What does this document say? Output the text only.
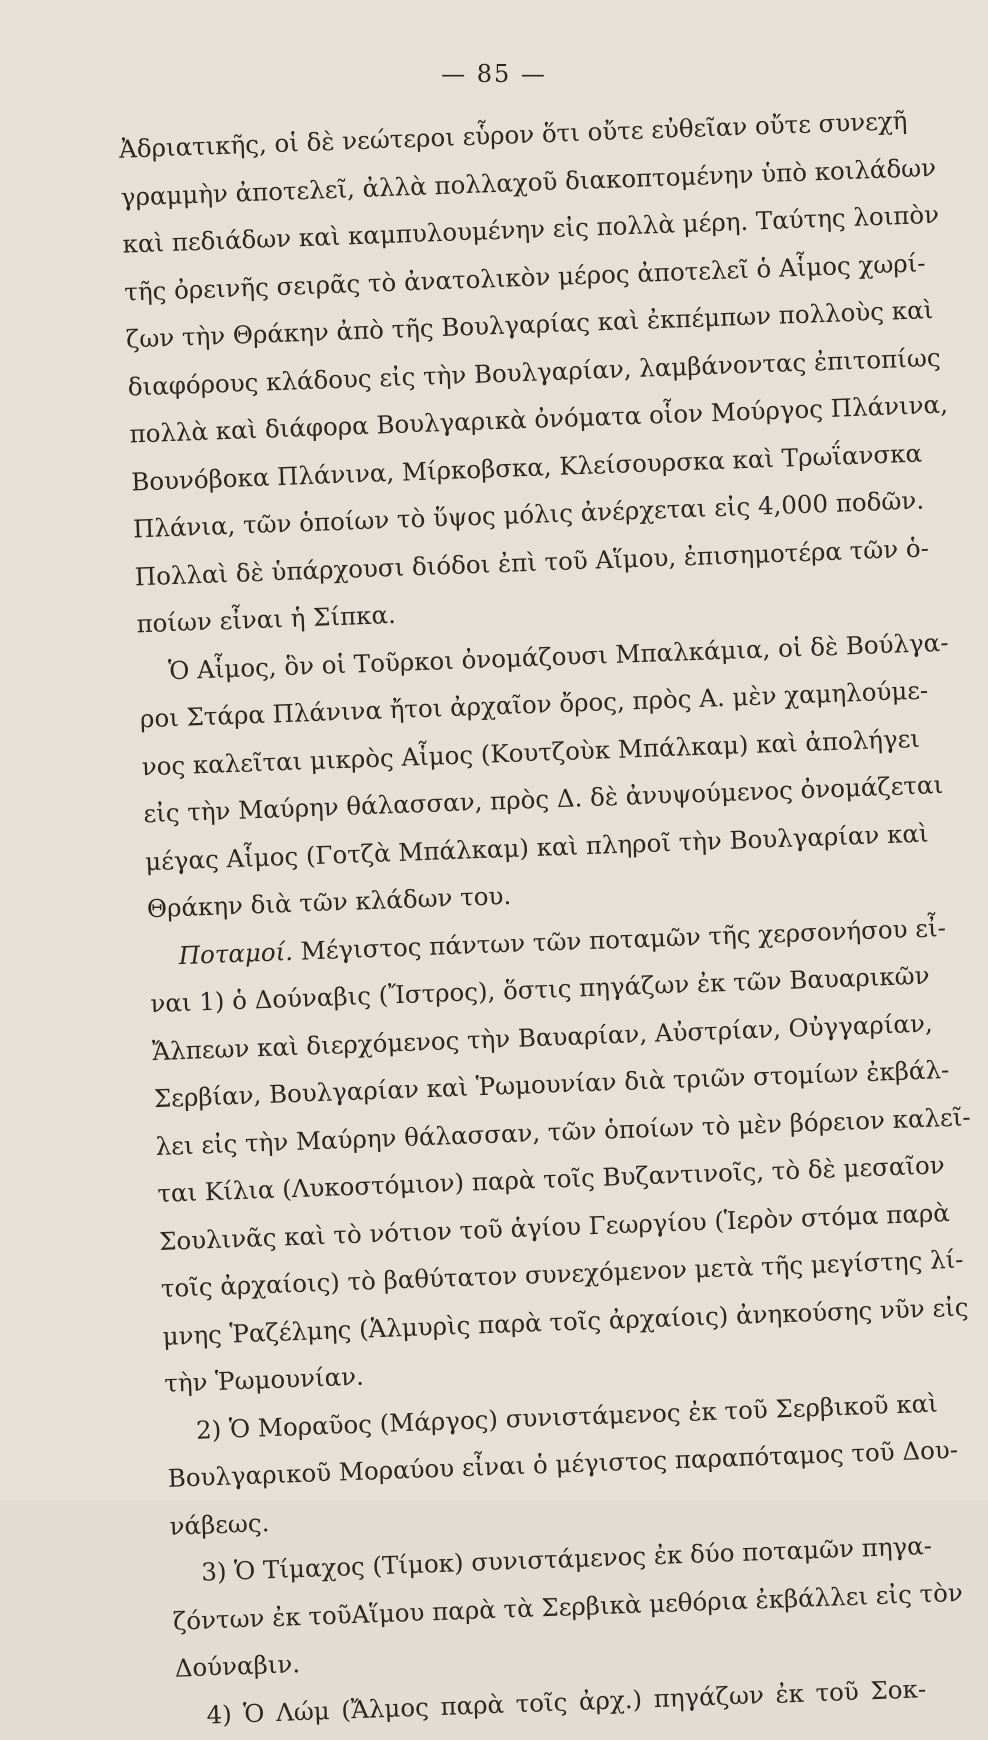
— 85 —
Ἀδριατικῆς, οἱ δὲ νεώτεροι εὗρον ὅτι οὔτε εὐθεῖαν οὔτε συνεχῆ
γραμμὴν ἀποτελεῖ, ἀλλὰ πολλαχοῦ διακοπτομένην ὑπὸ κοιλάδων
καὶ πεδιάδων καὶ καμπυλουμένην εἰς πολλὰ μέρη. Ταύτης λοιπὸν
τῆς ὀρεινῆς σειρᾶς τὸ ἀνατολικὸν μέρος ἀποτελεῖ ὁ Αἷμος χωρί-
ζων τὴν Θράκην ἀπὸ τῆς Βουλγαρίας καὶ ἐκπέμπων πολλοὺς καὶ
διαφόρους κλάδους εἰς τὴν Βουλγαρίαν, λαμβάνοντας ἐπιτοπίως
πολλὰ καὶ διάφορα Βουλγαρικὰ ὀνόματα οἷον Μούργος Πλάνινα,
Βουνόβοκα Πλάνινα, Μίρκοβσκα, Κλείσουρσκα καὶ Τρωΐανσκα
Πλάνια, τῶν ὁποίων τὸ ὕψος μόλις ἀνέρχεται εἰς 4,000 ποδῶν.
Πολλαὶ δὲ ὑπάρχουσι διόδοι ἐπὶ τοῦ Αἵμου, ἐπισημοτέρα τῶν ὁ-
ποίων εἶναι ἡ Σίπκα.
Ὁ Αἷμος, ὃν οἱ Τοῦρκοι ὀνομάζουσι Μπαλκάμια, οἱ δὲ Βούλγα-
ροι Στάρα Πλάνινα ἤτοι ἀρχαῖον ὄρος, πρὸς Α. μὲν χαμηλούμε-
νος καλεῖται μικρὸς Αἷμος (Κουτζοὺκ Μπάλκαμ) καὶ ἀπολήγει
εἰς τὴν Μαύρην θάλασσαν, πρὸς Δ. δὲ ἀνυψούμενος ὀνομάζεται
μέγας Αἷμος (Γοτζὰ Μπάλκαμ) καὶ πληροῖ τὴν Βουλγαρίαν καὶ
Θράκην διὰ τῶν κλάδων του.
Ποταμοί. Μέγιστος πάντων τῶν ποταμῶν τῆς χερσονήσου εἶ-
ναι 1) ὁ Δούναβις (Ἴστρος), ὅστις πηγάζων ἐκ τῶν Βαυαρικῶν
Ἄλπεων καὶ διερχόμενος τὴν Βαυαρίαν, Αὐστρίαν, Οὐγγαρίαν,
Σερβίαν, Βουλγαρίαν καὶ Ῥωμουνίαν διὰ τριῶν στομίων ἐκβάλ-
λει εἰς τὴν Μαύρην θάλασσαν, τῶν ὁποίων τὸ μὲν βόρειον καλεῖ-
ται Κίλια (Λυκοστόμιον) παρὰ τοῖς Βυζαντινοῖς, τὸ δὲ μεσαῖον
Σουλινᾶς καὶ τὸ νότιον τοῦ ἁγίου Γεωργίου (Ἱερὸν στόμα παρὰ
τοῖς ἀρχαίοις) τὸ βαθύτατον συνεχόμενον μετὰ τῆς μεγίστης λί-
μνης Ῥαζέλμης (Ἁλμυρὶς παρὰ τοῖς ἀρχαίοις) ἀνηκούσης νῦν εἰς
τὴν Ῥωμουνίαν.
2) Ὁ Μοραῦος (Μάργος) συνιστάμενος ἐκ τοῦ Σερβικοῦ καὶ
Βουλγαρικοῦ Μοραύου εἶναι ὁ μέγιστος παραπόταμος τοῦ Δου-
νάβεως.
3) Ὁ Τίμαχος (Τίμοκ) συνιστάμενος ἐκ δύο ποταμῶν πηγα-
ζόντων ἐκ τοῦΑἵμου παρὰ τὰ Σερβικὰ μεθόρια ἐκβάλλει εἰς τὸν
Δούναβιν.
4) Ὁ Λώμ (Ἄλμος παρὰ τοῖς ἀρχ.) πηγάζων ἐκ τοῦ Σοκ-
